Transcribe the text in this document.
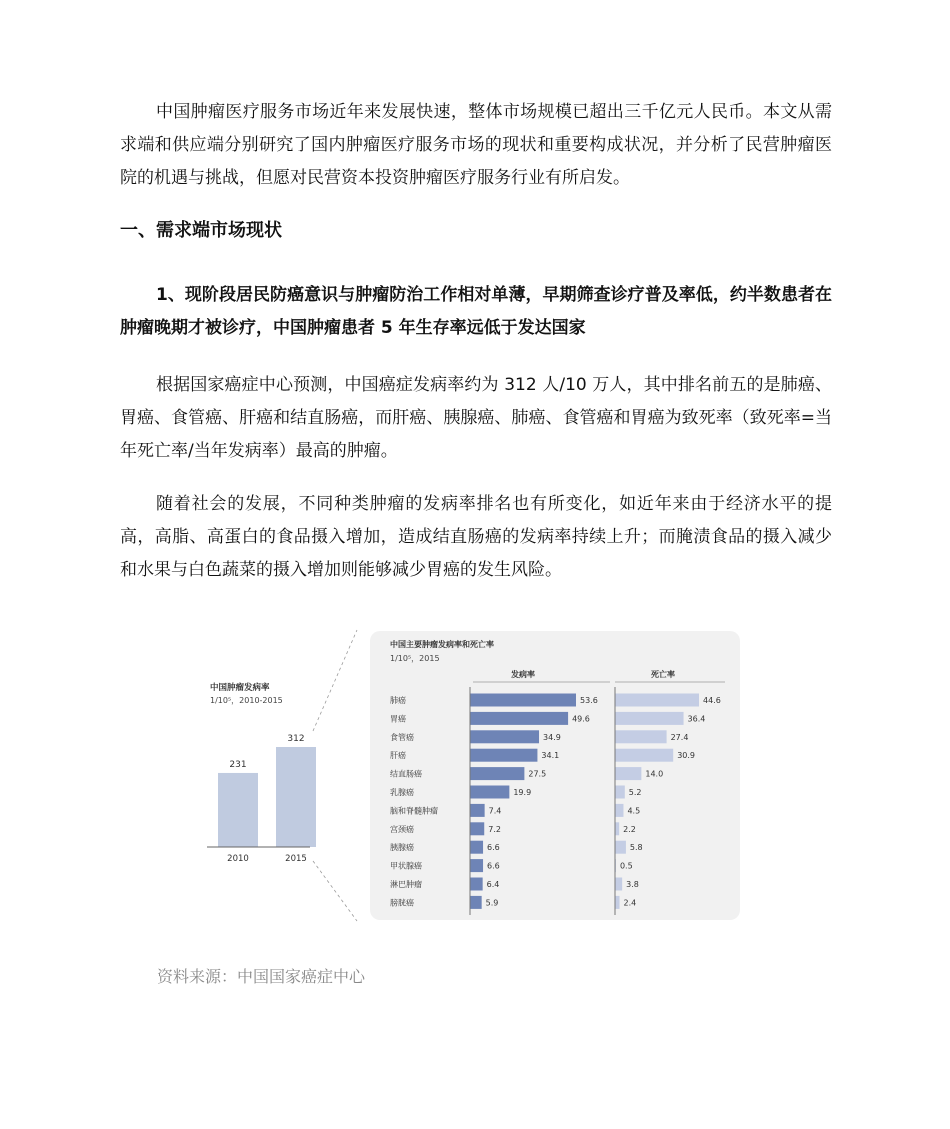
中国肿瘤医疗服务市场近年来发展快速，整体市场规模已超出三千亿元人民币。本文从需求端和供应端分别研究了国内肿瘤医疗服务市场的现状和重要构成状况，并分析了民营肿瘤医院的机遇与挑战，但愿对民营资本投资肿瘤医疗服务行业有所启发。

一、需求端市场现状

1、现阶段居民防癌意识与肿瘤防治工作相对单薄，早期筛查诊疗普及率低，约半数患者在肿瘤晚期才被诊疗，中国肿瘤患者 5 年生存率远低于发达国家

根据国家癌症中心预测，中国癌症发病率约为 312 人/10 万人，其中排名前五的是肺癌、胃癌、食管癌、肝癌和结直肠癌，而肝癌、胰腺癌、肺癌、食管癌和胃癌为致死率（致死率=当年死亡率/当年发病率）最高的肿瘤。

随着社会的发展，不同种类肿瘤的发病率排名也有所变化，如近年来由于经济水平的提高，高脂、高蛋白的食品摄入增加，造成结直肠癌的发病率持续上升；而腌渍食品的摄入减少和水果与白色蔬菜的摄入增加则能够减少胃癌的发生风险。

中国肿瘤发病率
1/10⁵，2010-2015
231
2010
312
2015
中国主要肿瘤发病率和死亡率
1/10⁵，2015
发病率	死亡率
肺癌	53.6	44.6
胃癌	49.6	36.4
食管癌	34.9	27.4
肝癌	34.1	30.9
结直肠癌	27.5	14.0
乳腺癌	19.9	5.2
脑和脊髓肿瘤	7.4	4.5
宫颈癌	7.2	2.2
胰腺癌	6.6	5.8
甲状腺癌	6.6	0.5
淋巴肿瘤	6.4	3.8
膀胱癌	5.9	2.4

资料来源：中国国家癌症中心
